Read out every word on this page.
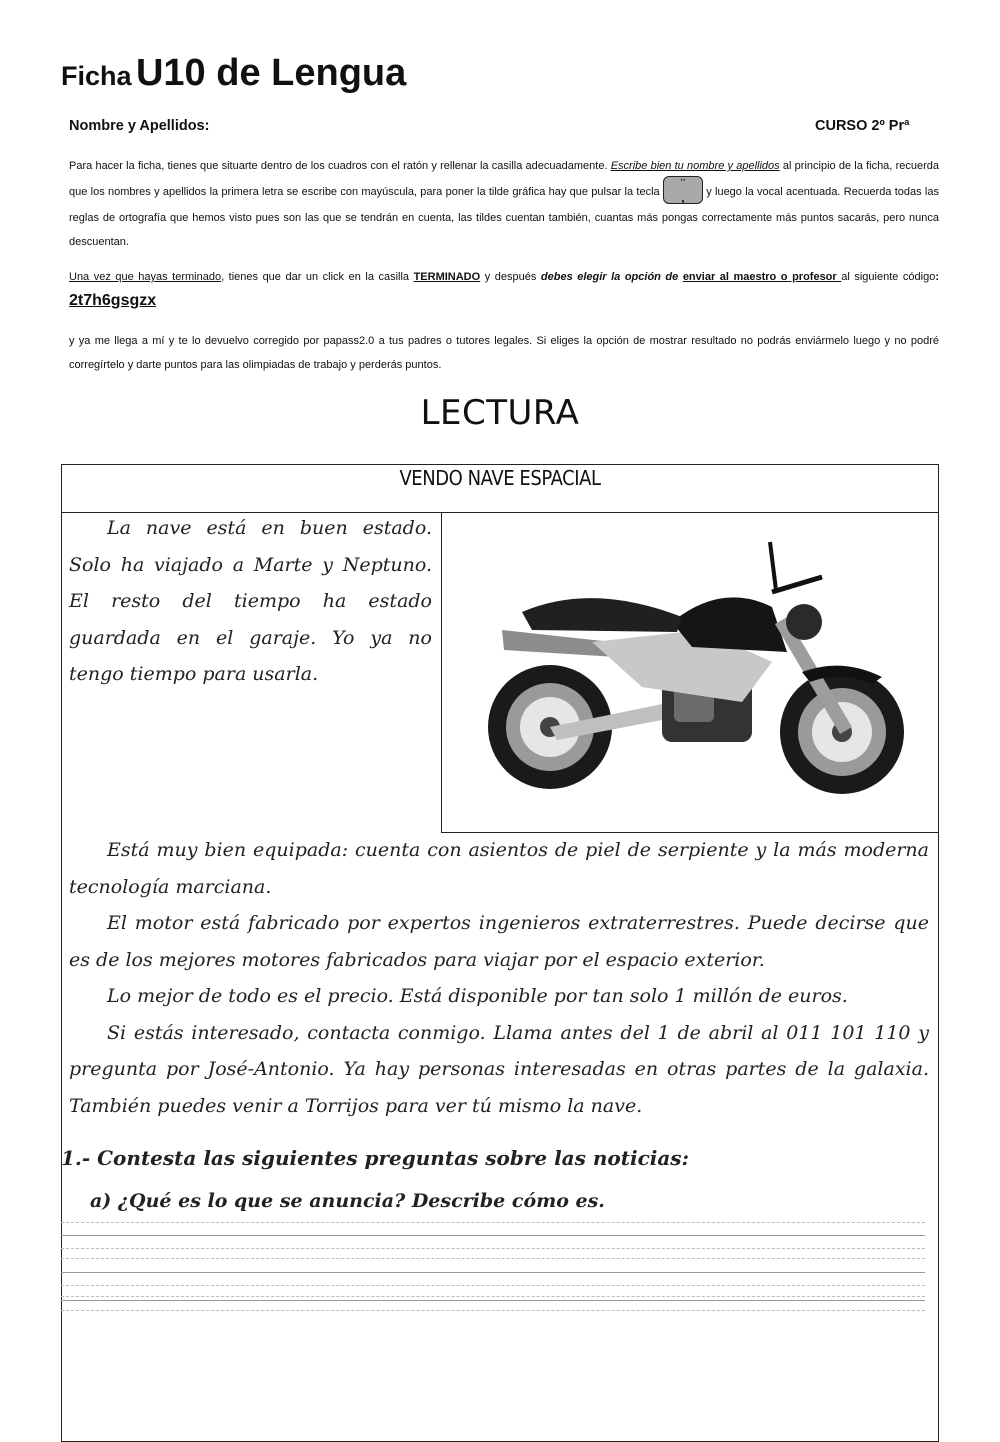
Ficha U10 de Lengua
Nombre y Apellidos:	CURSO 2º Prª
Para hacer la ficha, tienes que situarte dentro de los cuadros con el ratón y rellenar la casilla adecuadamente. Escribe bien tu nombre y apellidos al principio de la ficha, recuerda que los nombres y apellidos la primera letra se escribe con mayúscula, para poner la tilde gráfica hay que pulsar la tecla
¨
,	y luego la vocal acentuada. Recuerda todas las reglas de ortografía que hemos visto pues son las que se tendrán en cuenta, las tildes cuentan también, cuantas más pongas correctamente más puntos sacarás, pero nunca descuentan.
Una vez que hayas terminado, tienes que dar un click en la casilla TERMINADO y después debes elegir la opción de enviar al maestro o profesor al siguiente código: 2t7h6gsgzx
y ya me llega a mí y te lo devuelvo corregido por papass2.0 a tus padres o tutores legales. Si eliges la opción de mostrar resultado no podrás enviármelo luego y no podré corregírtelo y darte puntos para las olimpiadas de trabajo y perderás puntos.
LECTURA
VENDO NAVE ESPACIAL

La nave está en buen estado. Solo ha viajado a Marte y Neptuno. El resto del tiempo ha estado guardada en el garaje. Yo ya no tengo tiempo para usarla.

Está muy bien equipada: cuenta con asientos de piel de serpiente y la más moderna tecnología marciana.

El motor está fabricado por expertos ingenieros extraterrestres. Puede decirse que es de los mejores motores fabricados para viajar por el espacio exterior.

Lo mejor de todo es el precio. Está disponible por tan solo 1 millón de euros.

Si estás interesado, contacta conmigo. Llama antes del 1 de abril al 011 101 110 y pregunta por José-Antonio. Ya hay personas interesadas en otras partes de la galaxia. También puedes venir a Torrijos para ver tú mismo la nave.

1.- Contesta las siguientes preguntas sobre las noticias:
a) ¿Qué es lo que se anuncia? Describe cómo es.
